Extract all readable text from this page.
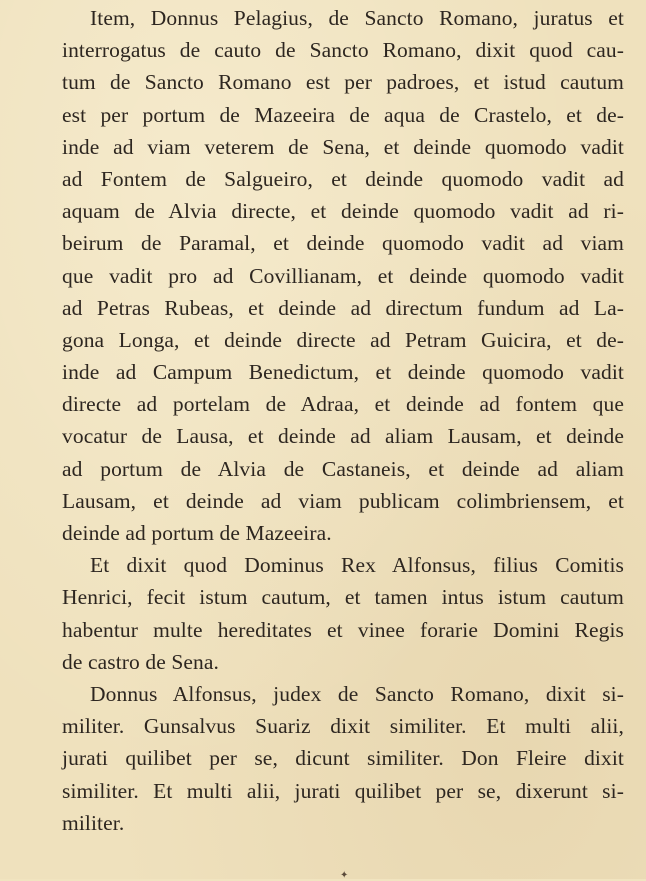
Item, Donnus Pelagius, de Sancto Romano, juratus et
interrogatus de cauto de Sancto Romano, dixit quod cau-
tum de Sancto Romano est per padroes, et istud cautum
est per portum de Mazeeira de aqua de Crastelo, et de-
inde ad viam veterem de Sena, et deinde quomodo vadit
ad Fontem de Salgueiro, et deinde quomodo vadit ad
aquam de Alvia directe, et deinde quomodo vadit ad ri-
beirum de Paramal, et deinde quomodo vadit ad viam
que vadit pro ad Covillianam, et deinde quomodo vadit
ad Petras Rubeas, et deinde ad directum fundum ad La-
gona Longa, et deinde directe ad Petram Guicira, et de-
inde ad Campum Benedictum, et deinde quomodo vadit
directe ad portelam de Adraa, et deinde ad fontem que
vocatur de Lausa, et deinde ad aliam Lausam, et deinde
ad portum de Alvia de Castaneis, et deinde ad aliam
Lausam, et deinde ad viam publicam colimbriensem, et
deinde ad portum de Mazeeira.
Et dixit quod Dominus Rex Alfonsus, filius Comitis
Henrici, fecit istum cautum, et tamen intus istum cautum
habentur multe hereditates et vinee forarie Domini Regis
de castro de Sena.
Donnus Alfonsus, judex de Sancto Romano, dixit si-
militer. Gunsalvus Suariz dixit similiter. Et multi alii,
jurati quilibet per se, dicunt similiter. Don Fleire dixit
similiter. Et multi alii, jurati quilibet per se, dixerunt si-
militer.
✦
